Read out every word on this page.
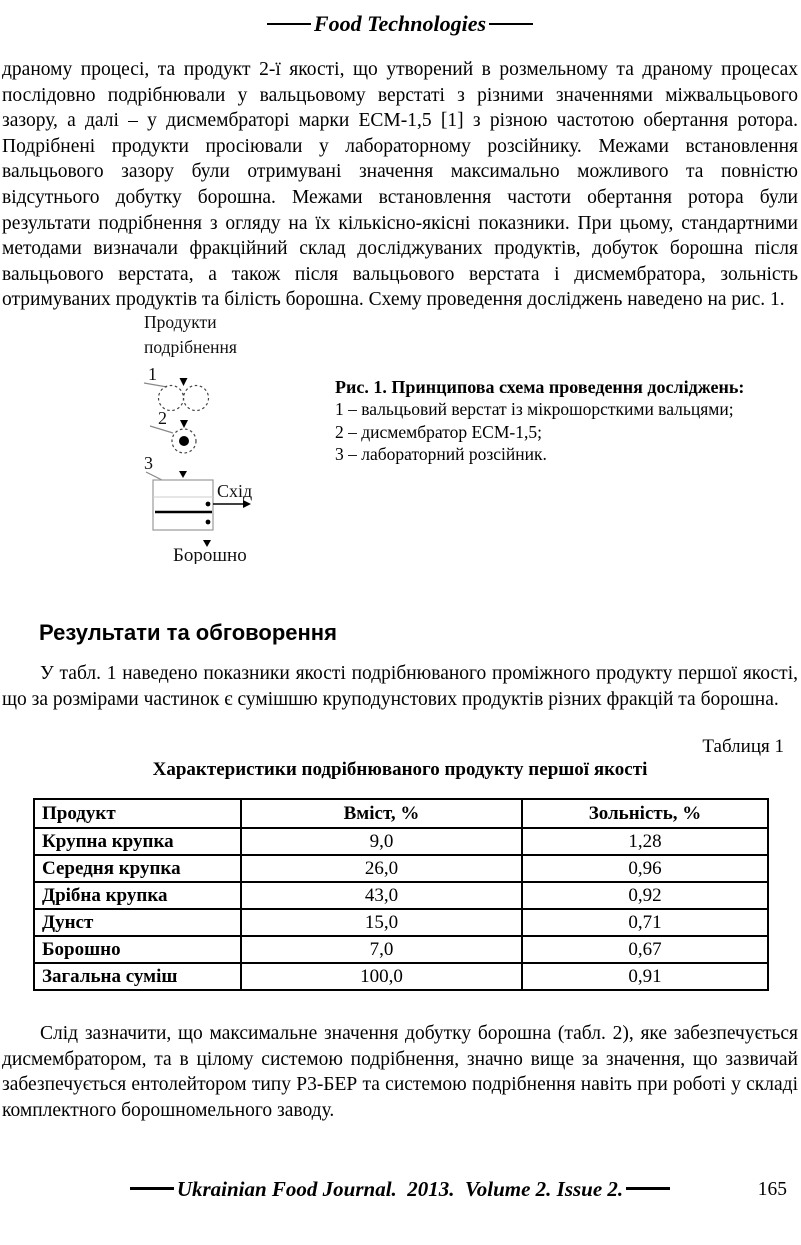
Food Technologies

драному процесі, та продукт 2-ї якості, що утворений в розмельному та драному процесах послідовно подрібнювали у вальцьовому верстаті з різними значеннями міжвальцьового зазору, а далі – у дисмембраторі марки ЕСМ-1,5 [1] з різною частотою обертання ротора. Подрібнені продукти просіювали у лабораторному розсійнику. Межами встановлення вальцьового зазору були отримувані значення максимально можливого та повністю відсутнього добутку борошна. Межами встановлення частоти обертання ротора були результати подрібнення з огляду на їх кількісно-якісні показники. При цьому, стандартними методами визначали фракційний склад досліджуваних продуктів, добуток борошна після вальцьового верстата, а також після вальцьового верстата і дисмембратора, зольність отримуваних продуктів та білість борошна. Схему проведення досліджень наведено на рис. 1.

Продукти
подрібнення
1
2
3
Схід
Борошно
Рис. 1. Принципова схема проведення досліджень:
1 – вальцьовий верстат із мікрошорсткими вальцями;
2 – дисмембратор ЕСМ-1,5;
3 – лабораторний розсійник.
Результати та обговорення

У табл. 1 наведено показники якості подрібнюваного проміжного продукту першої якості, що за розмірами частинок є сумішшю круподунстових продуктів різних фракцій та борошна.

Таблиця 1
Характеристики подрібнюваного продукту першої якості
Продукт	Вміст, %	Зольність, %
Крупна крупка	9,0	1,28
Середня крупка	26,0	0,96
Дрібна крупка	43,0	0,92
Дунст	15,0	0,71
Борошно	7,0	0,67
Загальна суміш	100,0	0,91

Слід зазначити, що максимальне значення добутку борошна (табл. 2), яке забезпечується дисмембратором, та в цілому системою подрібнення, значно вище за значення, що зазвичай забезпечується ентолейтором типу Р3-БЕР та системою подрібнення навіть при роботі у складі комплектного борошномельного заводу.

Ukrainian Food Journal.  2013.  Volume 2. Issue 2.	165
